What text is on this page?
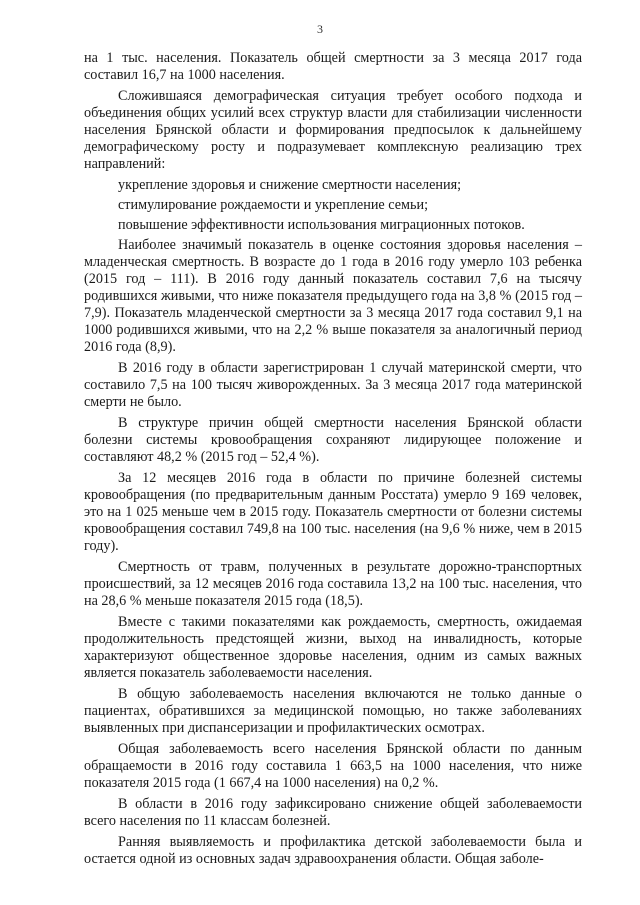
3

на 1 тыс. населения. Показатель общей смертности за 3 месяца 2017 года составил 16,7 на 1000 населения.

Сложившаяся демографическая ситуация требует особого подхода и объединения общих усилий всех структур власти для стабилизации численности населения Брянской области и формирования предпосылок к дальнейшему демографическому росту и подразумевает комплексную реализацию трех направлений:

укрепление здоровья и снижение смертности населения;

стимулирование рождаемости и укрепление семьи;

повышение эффективности использования миграционных потоков.

Наиболее значимый показатель в оценке состояния здоровья населения – младенческая смертность. В возрасте до 1 года в 2016 году умерло 103 ребенка (2015 год – 111). В 2016 году данный показатель составил 7,6 на тысячу родившихся живыми, что ниже показателя предыдущего года на 3,8 % (2015 год – 7,9). Показатель младенческой смертности за 3 месяца 2017 года составил 9,1 на 1000 родившихся живыми, что на 2,2 % выше показателя за аналогичный период 2016 года (8,9).

В 2016 году в области зарегистрирован 1 случай материнской смерти, что составило 7,5 на 100 тысяч живорожденных. За 3 месяца 2017 года материнской смерти не было.

В структуре причин общей смертности населения Брянской области болезни системы кровообращения сохраняют лидирующее положение и составляют 48,2 % (2015 год – 52,4 %).

За 12 месяцев 2016 года в области по причине болезней системы кровообращения (по предварительным данным Росстата) умерло 9 169 человек, это на 1 025 меньше чем в 2015 году. Показатель смертности от болезни системы кровообращения составил 749,8 на 100 тыс. населения (на 9,6 % ниже, чем в 2015 году).

Смертность от травм, полученных в результате дорожно-транспортных происшествий, за 12 месяцев 2016 года составила 13,2 на 100 тыс. населения, что на 28,6 % меньше показателя 2015 года (18,5).

Вместе с такими показателями как рождаемость, смертность, ожидаемая продолжительность предстоящей жизни, выход на инвалидность, которые характеризуют общественное здоровье населения, одним из самых важных является показатель заболеваемости населения.

В общую заболеваемость населения включаются не только данные о пациентах, обратившихся за медицинской помощью, но также заболеваниях выявленных при диспансеризации и профилактических осмотрах.

Общая заболеваемость всего населения Брянской области по данным обращаемости в 2016 году составила 1 663,5 на 1000 населения, что ниже показателя 2015 года (1 667,4 на 1000 населения) на 0,2 %.

В области в 2016 году зафиксировано снижение общей заболеваемости всего населения по 11 классам болезней.

Ранняя выявляемость и профилактика детской заболеваемости была и остается одной из основных задач здравоохранения области. Общая заболе-
